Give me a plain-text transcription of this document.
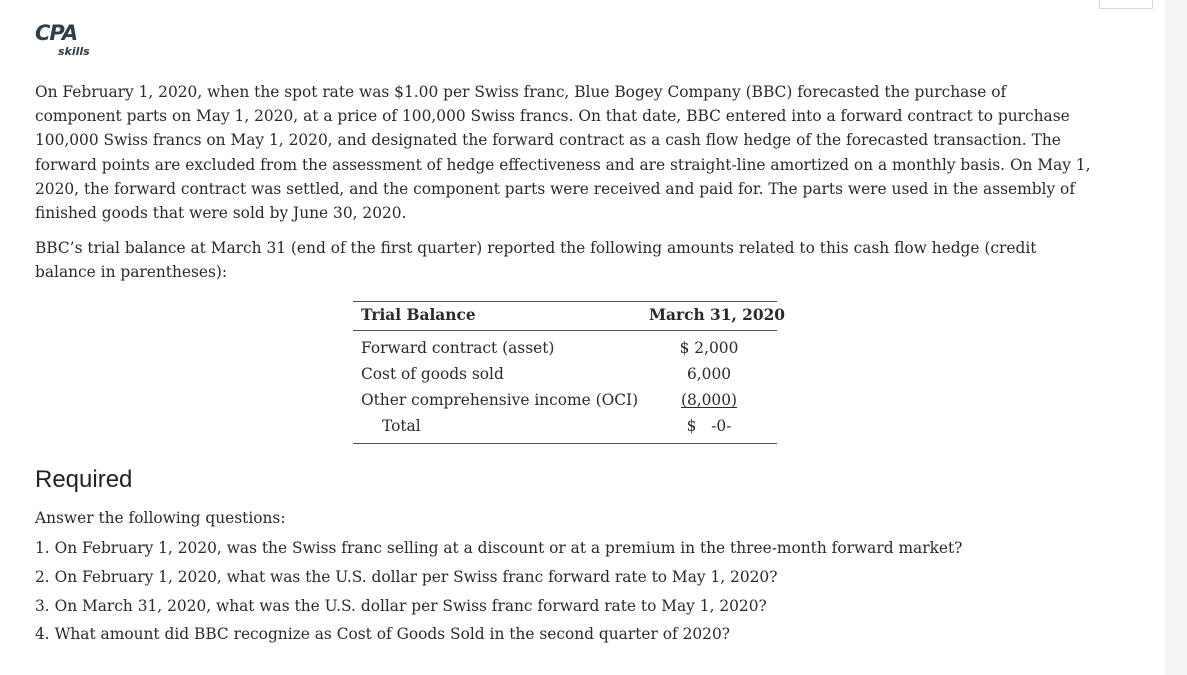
CPA
skills

On February 1, 2020, when the spot rate was $1.00 per Swiss franc, Blue Bogey Company (BBC) forecasted the purchase of component parts on May 1, 2020, at a price of 100,000 Swiss francs. On that date, BBC entered into a forward contract to purchase 100,000 Swiss francs on May 1, 2020, and designated the forward contract as a cash flow hedge of the forecasted transaction. The forward points are excluded from the assessment of hedge effectiveness and are straight-line amortized on a monthly basis. On May 1, 2020, the forward contract was settled, and the component parts were received and paid for. The parts were used in the assembly of finished goods that were sold by June 30, 2020.

BBC’s trial balance at March 31 (end of the first quarter) reported the following amounts related to this cash flow hedge (credit balance in parentheses):

Trial Balance	March 31, 2020
Forward contract (asset)	$ 2,000
Cost of goods sold	6,000
Other comprehensive income (OCI)	(8,000)
Total	$   -0-
Required
Answer the following questions:
1. On February 1, 2020, was the Swiss franc selling at a discount or at a premium in the three-month forward market?
2. On February 1, 2020, what was the U.S. dollar per Swiss franc forward rate to May 1, 2020?
3. On March 31, 2020, what was the U.S. dollar per Swiss franc forward rate to May 1, 2020?
4. What amount did BBC recognize as Cost of Goods Sold in the second quarter of 2020?
